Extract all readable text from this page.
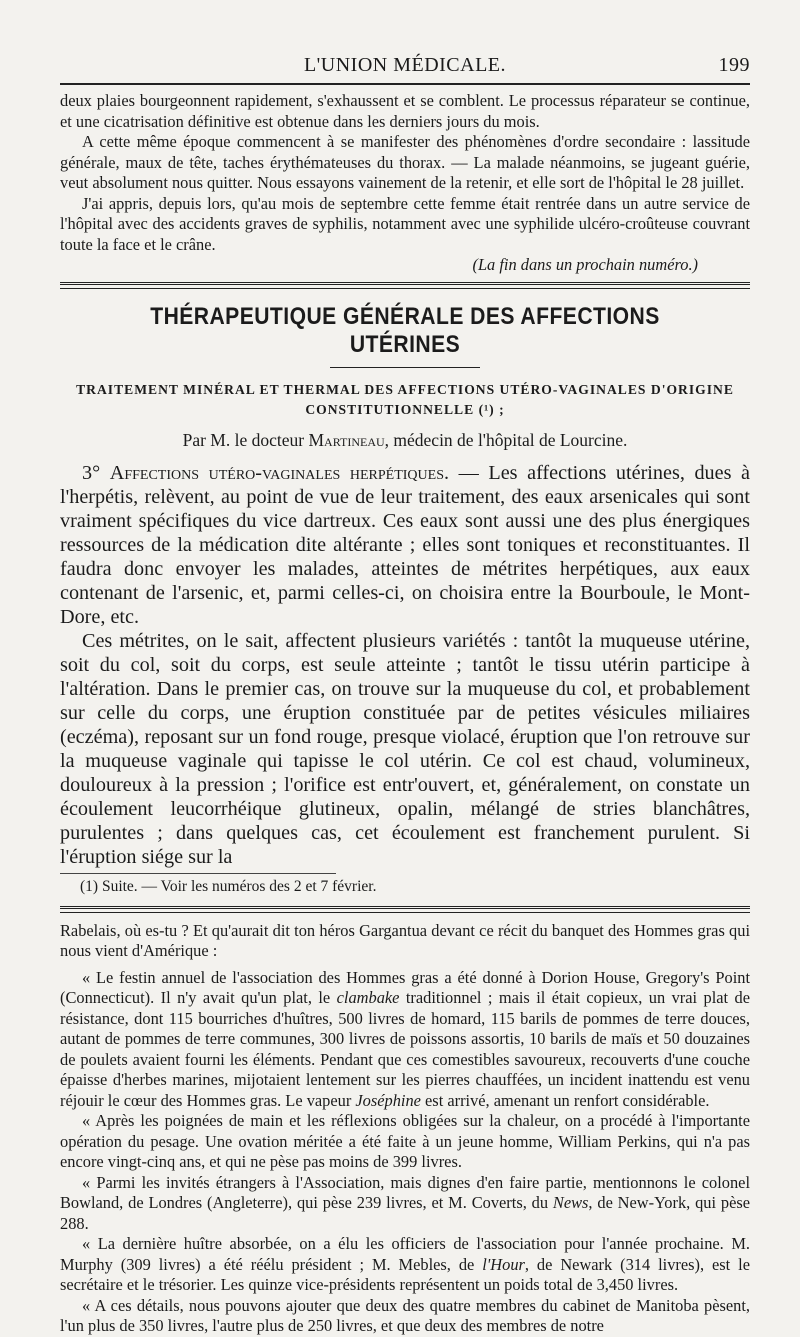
L'UNION MÉDICALE.	199

deux plaies bourgeonnent rapidement, s'exhaussent et se comblent. Le processus réparateur se continue, et une cicatrisation définitive est obtenue dans les derniers jours du mois.

A cette même époque commencent à se manifester des phénomènes d'ordre secondaire : lassitude générale, maux de tête, taches érythémateuses du thorax. — La malade néanmoins, se jugeant guérie, veut absolument nous quitter. Nous essayons vainement de la retenir, et elle sort de l'hôpital le 28 juillet.

J'ai appris, depuis lors, qu'au mois de septembre cette femme était rentrée dans un autre service de l'hôpital avec des accidents graves de syphilis, notamment avec une syphilide ulcéro-croûteuse couvrant toute la face et le crâne.

(La fin dans un prochain numéro.)

THÉRAPEUTIQUE GÉNÉRALE DES AFFECTIONS UTÉRINES

TRAITEMENT MINÉRAL ET THERMAL DES AFFECTIONS UTÉRO-VAGINALES D'ORIGINE

CONSTITUTIONNELLE (¹) ;

Par M. le docteur Martineau, médecin de l'hôpital de Lourcine.

3° Affections utéro-vaginales herpétiques. — Les affections utérines, dues à l'herpétis, relèvent, au point de vue de leur traitement, des eaux arsenicales qui sont vraiment spécifiques du vice dartreux. Ces eaux sont aussi une des plus énergiques ressources de la médication dite altérante ; elles sont toniques et reconstituantes. Il faudra donc envoyer les malades, atteintes de métrites herpétiques, aux eaux contenant de l'arsenic, et, parmi celles-ci, on choisira entre la Bourboule, le Mont-Dore, etc.

Ces métrites, on le sait, affectent plusieurs variétés : tantôt la muqueuse utérine, soit du col, soit du corps, est seule atteinte ; tantôt le tissu utérin participe à l'altération. Dans le premier cas, on trouve sur la muqueuse du col, et probablement sur celle du corps, une éruption constituée par de petites vésicules miliaires (eczéma), reposant sur un fond rouge, presque violacé, éruption que l'on retrouve sur la muqueuse vaginale qui tapisse le col utérin. Ce col est chaud, volumineux, douloureux à la pression ; l'orifice est entr'ouvert, et, généralement, on constate un écoulement leucorrhéique glutineux, opalin, mélangé de stries blanchâtres, purulentes ; dans quelques cas, cet écoulement est franchement purulent. Si l'éruption siége sur la

(1) Suite. — Voir les numéros des 2 et 7 février.

Rabelais, où es-tu ? Et qu'aurait dit ton héros Gargantua devant ce récit du banquet des Hommes gras qui nous vient d'Amérique :

« Le festin annuel de l'association des Hommes gras a été donné à Dorion House, Gregory's Point (Connecticut). Il n'y avait qu'un plat, le clambake traditionnel ; mais il était copieux, un vrai plat de résistance, dont 115 bourriches d'huîtres, 500 livres de homard, 115 barils de pommes de terre douces, autant de pommes de terre communes, 300 livres de poissons assortis, 10 barils de maïs et 50 douzaines de poulets avaient fourni les éléments. Pendant que ces comestibles savoureux, recouverts d'une couche épaisse d'herbes marines, mijotaient lentement sur les pierres chauffées, un incident inattendu est venu réjouir le cœur des Hommes gras. Le vapeur Joséphine est arrivé, amenant un renfort considérable.

« Après les poignées de main et les réflexions obligées sur la chaleur, on a procédé à l'importante opération du pesage. Une ovation méritée a été faite à un jeune homme, William Perkins, qui n'a pas encore vingt-cinq ans, et qui ne pèse pas moins de 399 livres.

« Parmi les invités étrangers à l'Association, mais dignes d'en faire partie, mentionnons le colonel Bowland, de Londres (Angleterre), qui pèse 239 livres, et M. Coverts, du News, de New-York, qui pèse 288.

« La dernière huître absorbée, on a élu les officiers de l'association pour l'année prochaine. M. Murphy (309 livres) a été réélu président ; M. Mebles, de l'Hour, de Newark (314 livres), est le secrétaire et le trésorier. Les quinze vice-présidents représentent un poids total de 3,450 livres.

« A ces détails, nous pouvons ajouter que deux des quatre membres du cabinet de Manitoba pèsent, l'un plus de 350 livres, l'autre plus de 250 livres, et que deux des membres de notre
